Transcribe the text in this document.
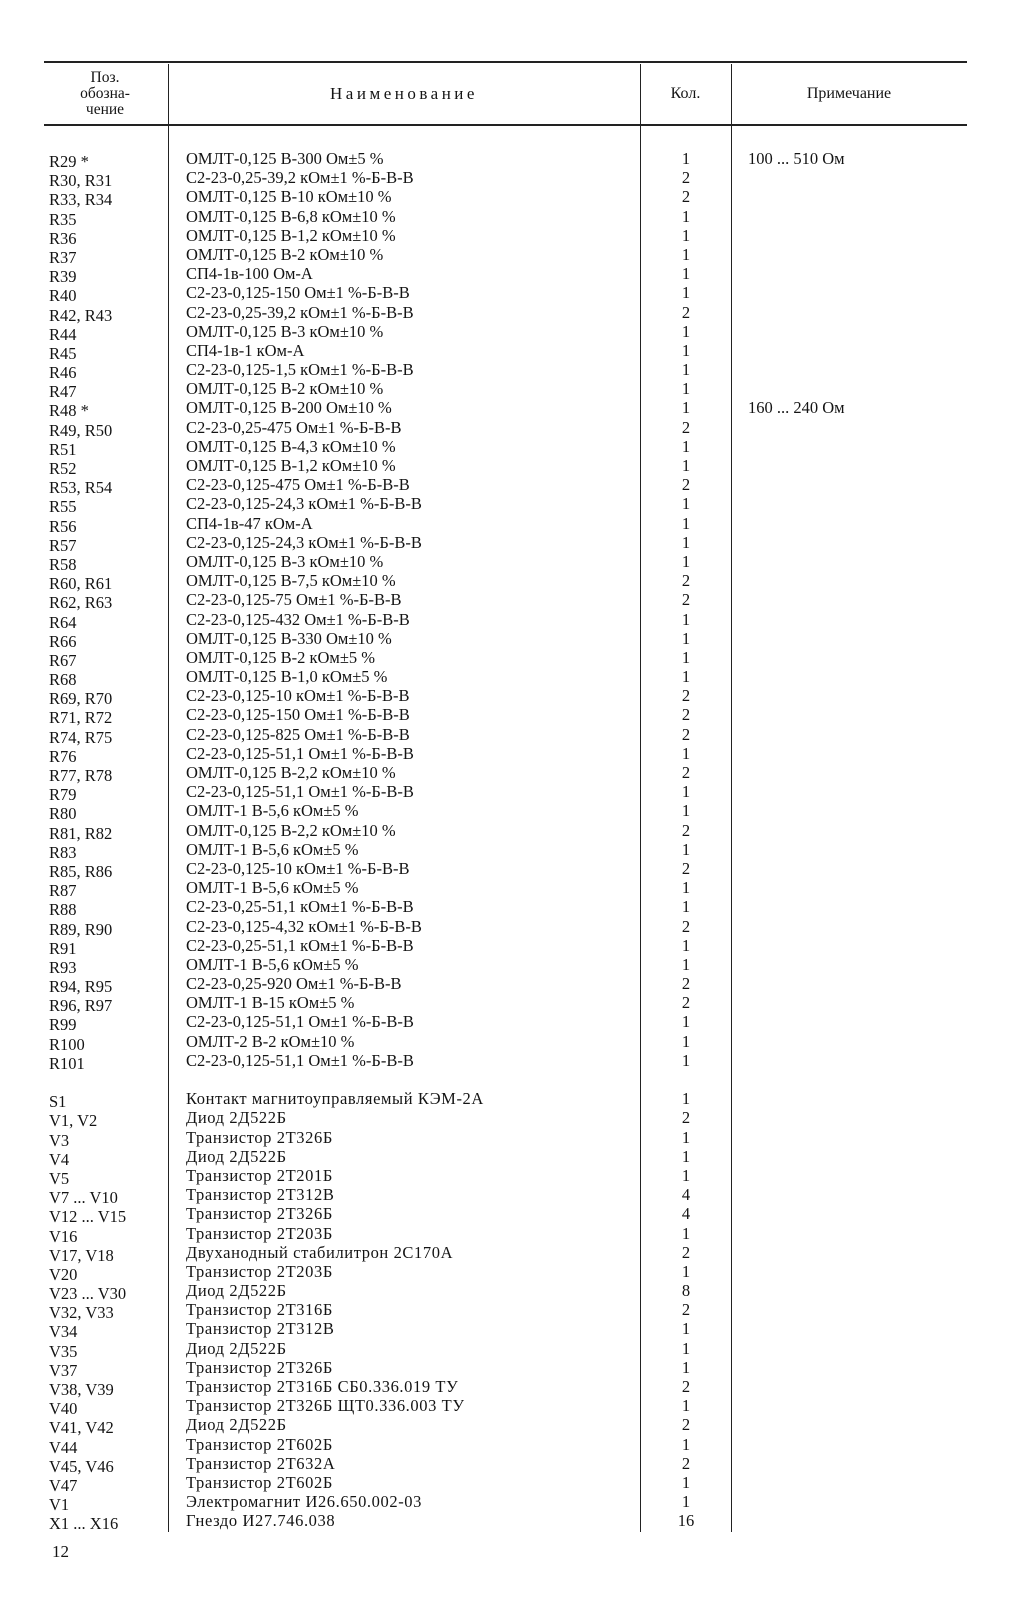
Поз.
обозна-
чение
Наименование	Кол.	Примечание
R29 *	ОМЛТ-0,125 В-300 Ом±5 %	1	100 ... 510 Ом
R30, R31	С2-23-0,25-39,2 кОм±1 %-Б-В-В	2
R33, R34	ОМЛТ-0,125 В-10 кОм±10 %	2
R35	ОМЛТ-0,125 В-6,8 кОм±10 %	1
R36	ОМЛТ-0,125 В-1,2 кОм±10 %	1
R37	ОМЛТ-0,125 В-2 кОм±10 %	1
R39	СП4-1в-100 Ом-А	1
R40	С2-23-0,125-150 Ом±1 %-Б-В-В	1
R42, R43	С2-23-0,25-39,2 кОм±1 %-Б-В-В	2
R44	ОМЛТ-0,125 В-3 кОм±10 %	1
R45	СП4-1в-1 кОм-А	1
R46	С2-23-0,125-1,5 кОм±1 %-Б-В-В	1
R47	ОМЛТ-0,125 В-2 кОм±10 %	1
R48 *	ОМЛТ-0,125 В-200 Ом±10 %	1	160 ... 240 Ом
R49, R50	С2-23-0,25-475 Ом±1 %-Б-В-В	2
R51	ОМЛТ-0,125 В-4,3 кОм±10 %	1
R52	ОМЛТ-0,125 В-1,2 кОм±10 %	1
R53, R54	С2-23-0,125-475 Ом±1 %-Б-В-В	2
R55	С2-23-0,125-24,3 кОм±1 %-Б-В-В	1
R56	СП4-1в-47 кОм-А	1
R57	С2-23-0,125-24,3 кОм±1 %-Б-В-В	1
R58	ОМЛТ-0,125 В-3 кОм±10 %	1
R60, R61	ОМЛТ-0,125 В-7,5 кОм±10 %	2
R62, R63	С2-23-0,125-75 Ом±1 %-Б-В-В	2
R64	С2-23-0,125-432 Ом±1 %-Б-В-В	1
R66	ОМЛТ-0,125 В-330 Ом±10 %	1
R67	ОМЛТ-0,125 В-2 кОм±5 %	1
R68	ОМЛТ-0,125 В-1,0 кОм±5 %	1
R69, R70	С2-23-0,125-10 кОм±1 %-Б-В-В	2
R71, R72	С2-23-0,125-150 Ом±1 %-Б-В-В	2
R74, R75	С2-23-0,125-825 Ом±1 %-Б-В-В	2
R76	С2-23-0,125-51,1 Ом±1 %-Б-В-В	1
R77, R78	ОМЛТ-0,125 В-2,2 кОм±10 %	2
R79	С2-23-0,125-51,1 Ом±1 %-Б-В-В	1
R80	ОМЛТ-1 В-5,6 кОм±5 %	1
R81, R82	ОМЛТ-0,125 В-2,2 кОм±10 %	2
R83	ОМЛТ-1 В-5,6 кОм±5 %	1
R85, R86	С2-23-0,125-10 кОм±1 %-Б-В-В	2
R87	ОМЛТ-1 В-5,6 кОм±5 %	1
R88	С2-23-0,25-51,1 кОм±1 %-Б-В-В	1
R89, R90	С2-23-0,125-4,32 кОм±1 %-Б-В-В	2
R91	С2-23-0,25-51,1 кОм±1 %-Б-В-В	1
R93	ОМЛТ-1 В-5,6 кОм±5 %	1
R94, R95	С2-23-0,25-920 Ом±1 %-Б-В-В	2
R96, R97	ОМЛТ-1 В-15 кОм±5 %	2
R99	С2-23-0,125-51,1 Ом±1 %-Б-В-В	1
R100	ОМЛТ-2 В-2 кОм±10 %	1
R101	С2-23-0,125-51,1 Ом±1 %-Б-В-В	1
S1	Контакт магнитоуправляемый КЭМ-2А	1
V1, V2	Диод 2Д522Б	2
V3	Транзистор 2Т326Б	1
V4	Диод 2Д522Б	1
V5	Транзистор 2Т201Б	1
V7 ... V10	Транзистор 2Т312В	4
V12 ... V15	Транзистор 2Т326Б	4
V16	Транзистор 2Т203Б	1
V17, V18	Двуханодный стабилитрон 2С170А	2
V20	Транзистор 2Т203Б	1
V23 ... V30	Диод 2Д522Б	8
V32, V33	Транзистор 2Т316Б	2
V34	Транзистор 2Т312В	1
V35	Диод 2Д522Б	1
V37	Транзистор 2Т326Б	1
V38, V39	Транзистор 2Т316Б СБ0.336.019 ТУ	2
V40	Транзистор 2Т326Б ЩТ0.336.003 ТУ	1
V41, V42	Диод 2Д522Б	2
V44	Транзистор 2Т602Б	1
V45, V46	Транзистор 2Т632А	2
V47	Транзистор 2Т602Б	1
V1	Электромагнит И26.650.002-03	1
X1 ... X16	Гнездо И27.746.038	16
12
